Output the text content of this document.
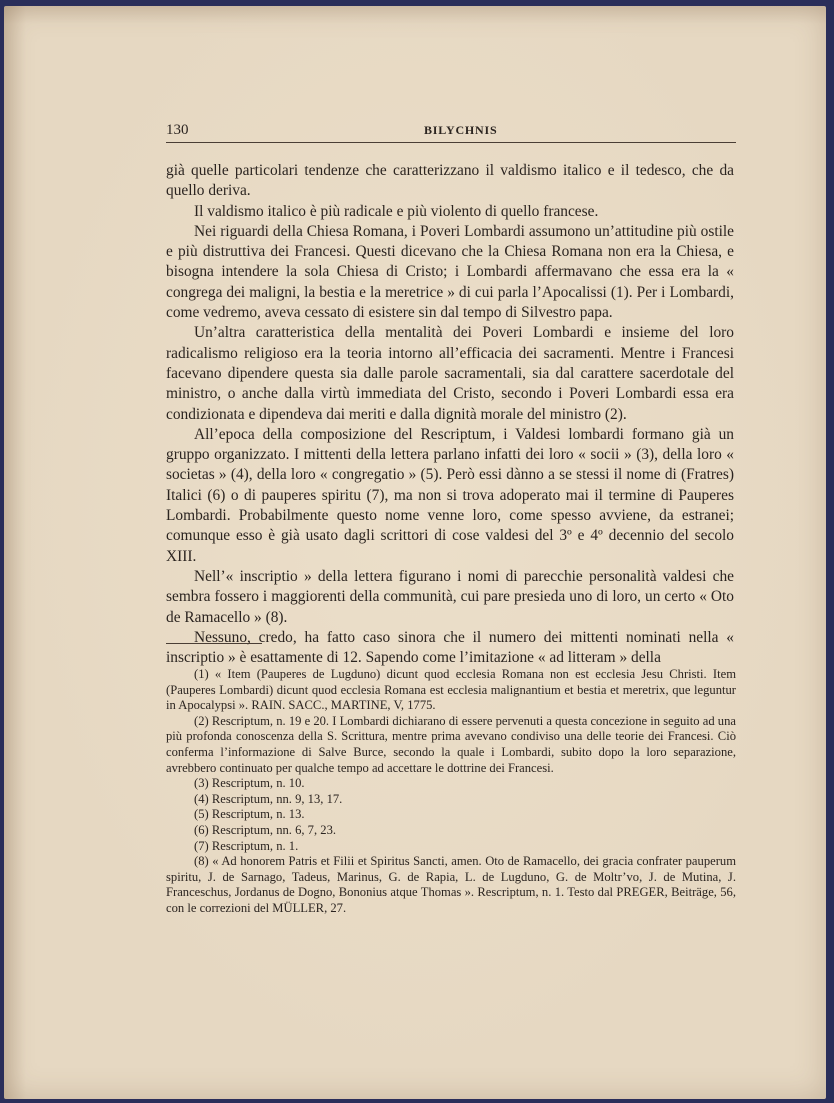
130	BILYCHNIS

già quelle particolari tendenze che caratterizzano il valdismo italico e il tedesco, che da quello deriva.

Il valdismo italico è più radicale e più violento di quello francese.

Nei riguardi della Chiesa Romana, i Poveri Lombardi assumono un’attitudine più ostile e più distruttiva dei Francesi. Questi dicevano che la Chiesa Romana non era la Chiesa, e bisogna intendere la sola Chiesa di Cristo; i Lombardi affermavano che essa era la « congrega dei maligni, la bestia e la meretrice » di cui parla l’Apocalissi (1). Per i Lombardi, come vedremo, aveva cessato di esistere sin dal tempo di Silvestro papa.

Un’altra caratteristica della mentalità dei Poveri Lombardi e insieme del loro radicalismo religioso era la teoria intorno all’efficacia dei sacramenti. Mentre i Francesi facevano dipendere questa sia dalle parole sacramentali, sia dal carattere sacerdotale del ministro, o anche dalla virtù immediata del Cristo, secondo i Poveri Lombardi essa era condizionata e dipendeva dai meriti e dalla dignità morale del ministro (2).

All’epoca della composizione del Rescriptum, i Valdesi lombardi formano già un gruppo organizzato. I mittenti della lettera parlano infatti dei loro « socii » (3), della loro « societas » (4), della loro « congregatio » (5). Però essi dànno a se stessi il nome di (Fratres) Italici (6) o di pauperes spiritu (7), ma non si trova adoperato mai il termine di Pauperes Lombardi. Probabilmente questo nome venne loro, come spesso avviene, da estranei; comunque esso è già usato dagli scrittori di cose valdesi del 3º e 4º decennio del secolo XIII.

Nell’« inscriptio » della lettera figurano i nomi di parecchie personalità valdesi che sembra fossero i maggiorenti della communità, cui pare presieda uno di loro, un certo « Oto de Ramacello » (8).

Nessuno, credo, ha fatto caso sinora che il numero dei mittenti nominati nella « inscriptio » è esattamente di 12. Sapendo come l’imitazione « ad litteram » della

(1) « Item (Pauperes de Lugduno) dicunt quod ecclesia Romana non est ecclesia Jesu Christi. Item (Pauperes Lombardi) dicunt quod ecclesia Romana est ecclesia malignantium et bestia et meretrix, que leguntur in Apocalypsi ». RAIN. SACC., MARTINE, V, 1775.

(2) Rescriptum, n. 19 e 20. I Lombardi dichiarano di essere pervenuti a questa concezione in seguito ad una più profonda conoscenza della S. Scrittura, mentre prima avevano condiviso una delle teorie dei Francesi. Ciò conferma l’informazione di Salve Burce, secondo la quale i Lombardi, subito dopo la loro separazione, avrebbero continuato per qualche tempo ad accettare le dottrine dei Francesi.

(3) Rescriptum, n. 10.

(4) Rescriptum, nn. 9, 13, 17.

(5) Rescriptum, n. 13.

(6) Rescriptum, nn. 6, 7, 23.

(7) Rescriptum, n. 1.

(8) « Ad honorem Patris et Filii et Spiritus Sancti, amen. Oto de Ramacello, dei gracia confrater pauperum spiritu, J. de Sarnago, Tadeus, Marinus, G. de Rapia, L. de Lugduno, G. de Moltr’vo, J. de Mutina, J. Franceschus, Jordanus de Dogno, Bononius atque Thomas ». Rescriptum, n. 1. Testo dal PREGER, Beiträge, 56, con le correzioni del MÜLLER, 27.
